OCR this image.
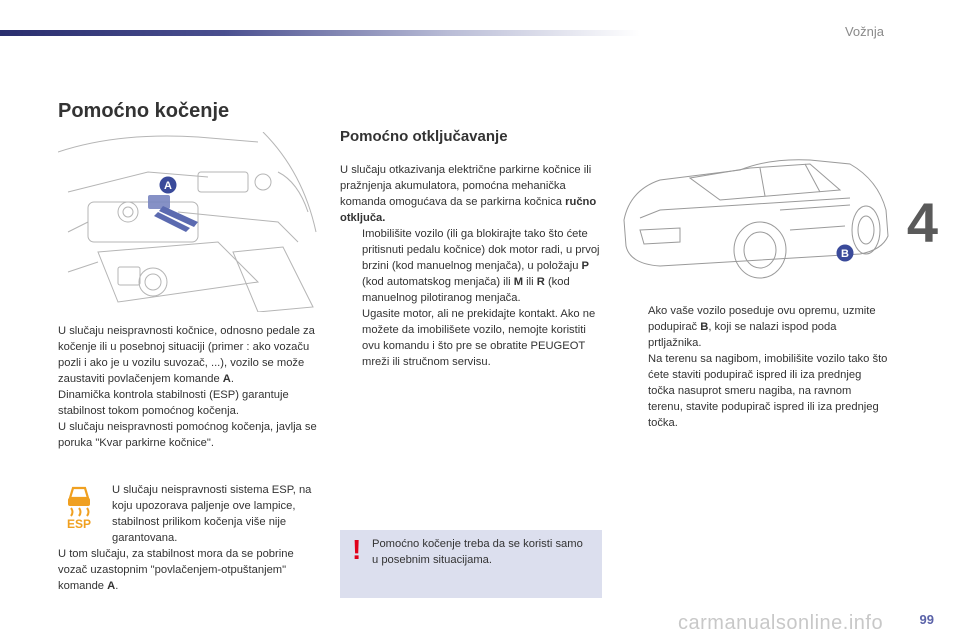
Vožnja
4
Pomoćno kočenje
A

U slučaju neispravnosti kočnice, odnosno pedale za kočenje ili u posebnoj situaciji (primer : ako vozaču pozli i ako je u vozilu suvozač, ...), vozilo se može zaustaviti povlačenjem komande A.

Dinamička kontrola stabilnosti (ESP) garantuje stabilnost tokom pomoćnog kočenja.

U slučaju neispravnosti pomoćnog kočenja, javlja se poruka "Kvar parkirne kočnice".

ESP

U slučaju neispravnosti sistema ESP, na koju upozorava paljenje ove lampice, stabilnost prilikom kočenja više nije garantovana.

U tom slučaju, za stabilnost mora da se pobrine vozač uzastopnim "povlačenjem-otpuštanjem" komande A.

Pomoćno otključavanje

U slučaju otkazivanja električne parkirne kočnice ili pražnjenja akumulatora, pomoćna mehanička komanda omogućava da se parkirna kočnica ručno otključa.

Imobilišite vozilo (ili ga blokirajte tako što ćete pritisnuti pedalu kočnice) dok motor radi, u prvoj brzini (kod manuelnog menjača), u položaju P (kod automatskog menjača) ili M ili R (kod manuelnog pilotiranog menjača.

Ugasite motor, ali ne prekidajte kontakt. Ako ne možete da imobilišete vozilo, nemojte koristiti ovu komandu i što pre se obratite PEUGEOT mreži ili stručnom servisu.

! Pomoćno kočenje treba da se koristi samo u posebnim situacijama.

B

Ako vaše vozilo poseduje ovu opremu, uzmite podupirač B, koji se nalazi ispod poda prtljažnika.

Na terenu sa nagibom, imobilišite vozilo tako što ćete staviti podupirač ispred ili iza prednjeg točka nasuprot smeru nagiba, na ravnom terenu, stavite podupirač ispred ili iza prednjeg točka.

carmanualsonline.info	99
